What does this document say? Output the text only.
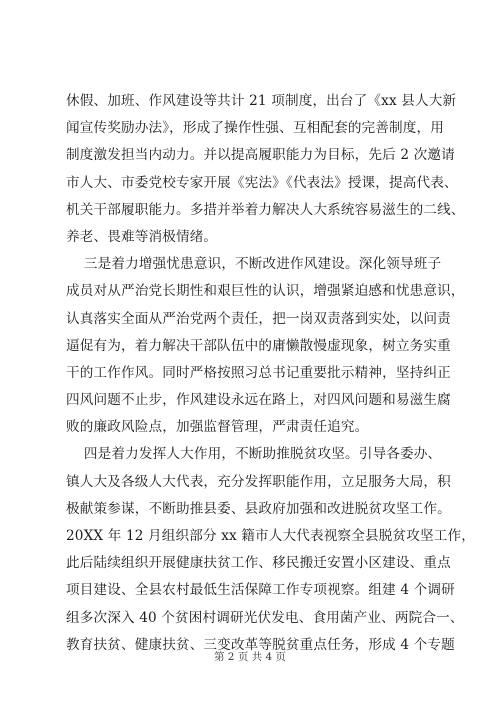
休假、加班、作风建设等共计 21 项制度，出台了《xx 县人大新
闻宣传奖励办法》，形成了操作性强、互相配套的完善制度，用
制度激发担当内动力。并以提高履职能力为目标，先后 2 次邀请
市人大、市委党校专家开展《宪法》《代表法》授课，提高代表、
机关干部履职能力。多措并举着力解决人大系统容易滋生的二线、
养老、畏难等消极情绪。
三是着力增强忧患意识，不断改进作风建设。深化领导班子
成员对从严治党长期性和艰巨性的认识，增强紧迫感和忧患意识，
认真落实全面从严治党两个责任，把一岗双责落到实处，以问责
逼促有为，着力解决干部队伍中的庸懒散慢虚现象，树立务实重
干的工作作风。同时严格按照习总书记重要批示精神，坚持纠正
四风问题不止步，作风建设永远在路上，对四风问题和易滋生腐
败的廉政风险点，加强监督管理，严肃责任追究。
四是着力发挥人大作用，不断助推脱贫攻坚。引导各委办、
镇人大及各级人大代表，充分发挥职能作用，立足服务大局，积
极献策参谋，不断助推县委、县政府加强和改进脱贫攻坚工作。
20XX 年 12 月组织部分 xx 籍市人大代表视察全县脱贫攻坚工作，
此后陆续组织开展健康扶贫工作、移民搬迁安置小区建设、重点
项目建设、全县农村最低生活保障工作专项视察。组建 4 个调研
组多次深入 40 个贫困村调研光伏发电、食用菌产业、两院合一、
教育扶贫、健康扶贫、三变改革等脱贫重点任务，形成 4 个专题
第 2 页 共 4 页
